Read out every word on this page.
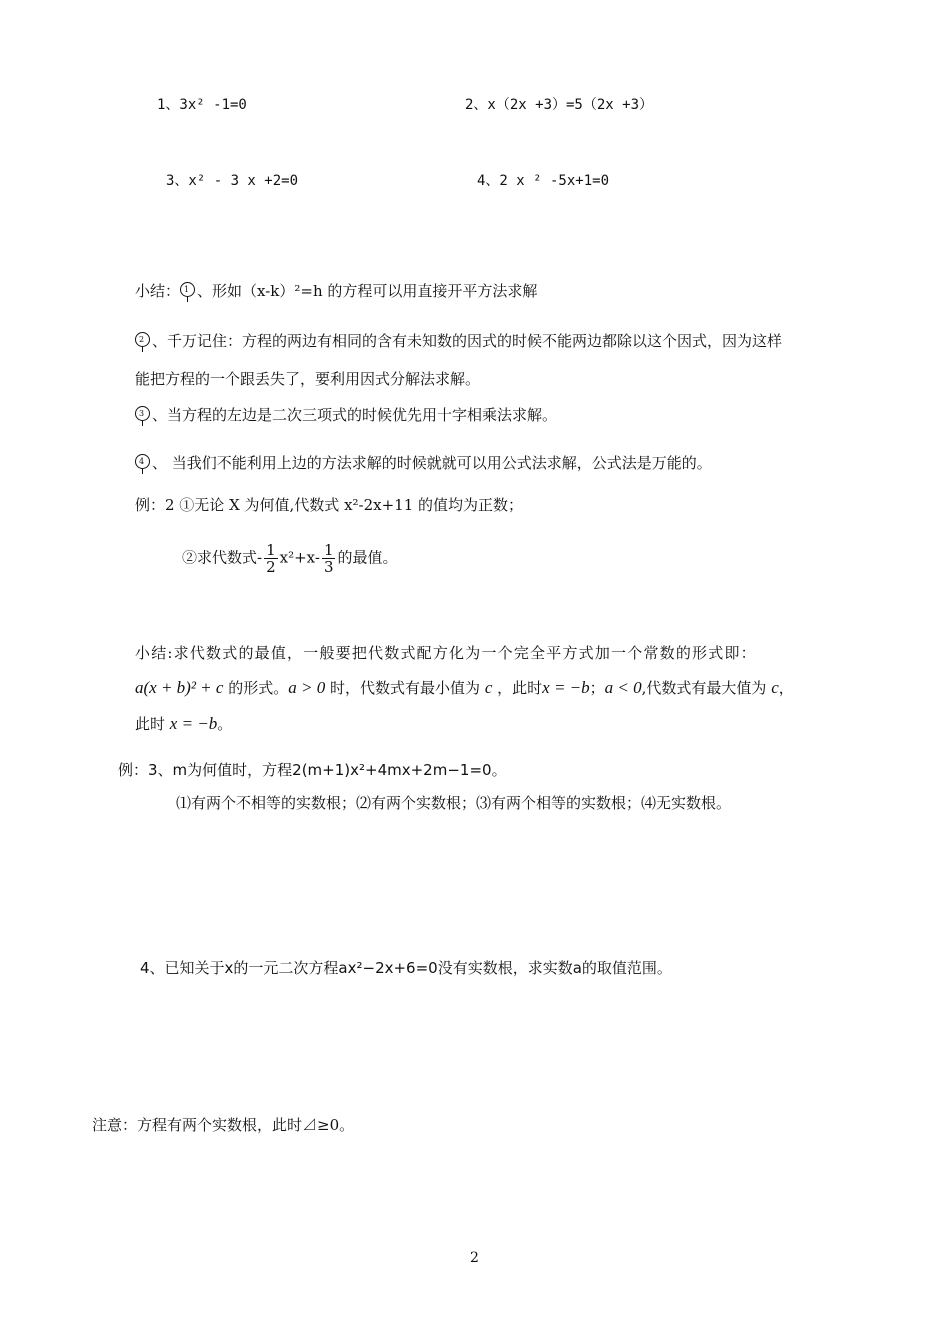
1、3x² -1=0	2、x（2x +3）=5（2x +3）
3、x² - 3 x +2=0	4、2 x ² -5x+1=0
小结： 1 、形如（x-k）²=h 的方程可以用直接开平方法求解
2 、千万记住：方程的两边有相同的含有未知数的因式的时候不能两边都除以这个因式，因为这样
能把方程的一个跟丢失了，要利用因式分解法求解。
3 、当方程的左边是二次三项式的时候优先用十字相乘法求解。
4 、 当我们不能利用上边的方法求解的时候就就可以用公式法求解，公式法是万能的。
例：2 ①无论 X 为何值,代数式 x²-2x+11 的值均为正数；
②求代数式- $\frac{1}{2} x^2+x- \frac{1}{3}$ 的最值。
小结:求代数式的最值，一般要把代数式配方化为一个完全平方式加一个常数的形式即：
a(x + b)² + c 的形式。a > 0 时，代数式有最小值为 c ，此时x = −b；a < 0,代数式有最大值为 c，
此时 x = −b。
例：3、m为何值时，方程2(m+1)x²+4mx+2m−1=0。
⑴有两个不相等的实数根；⑵有两个实数根；⑶有两个相等的实数根；⑷无实数根。
4、已知关于x的一元二次方程ax²−2x+6=0没有实数根，求实数a的取值范围。
注意：方程有两个实数根，此时⊿≥0。
2
